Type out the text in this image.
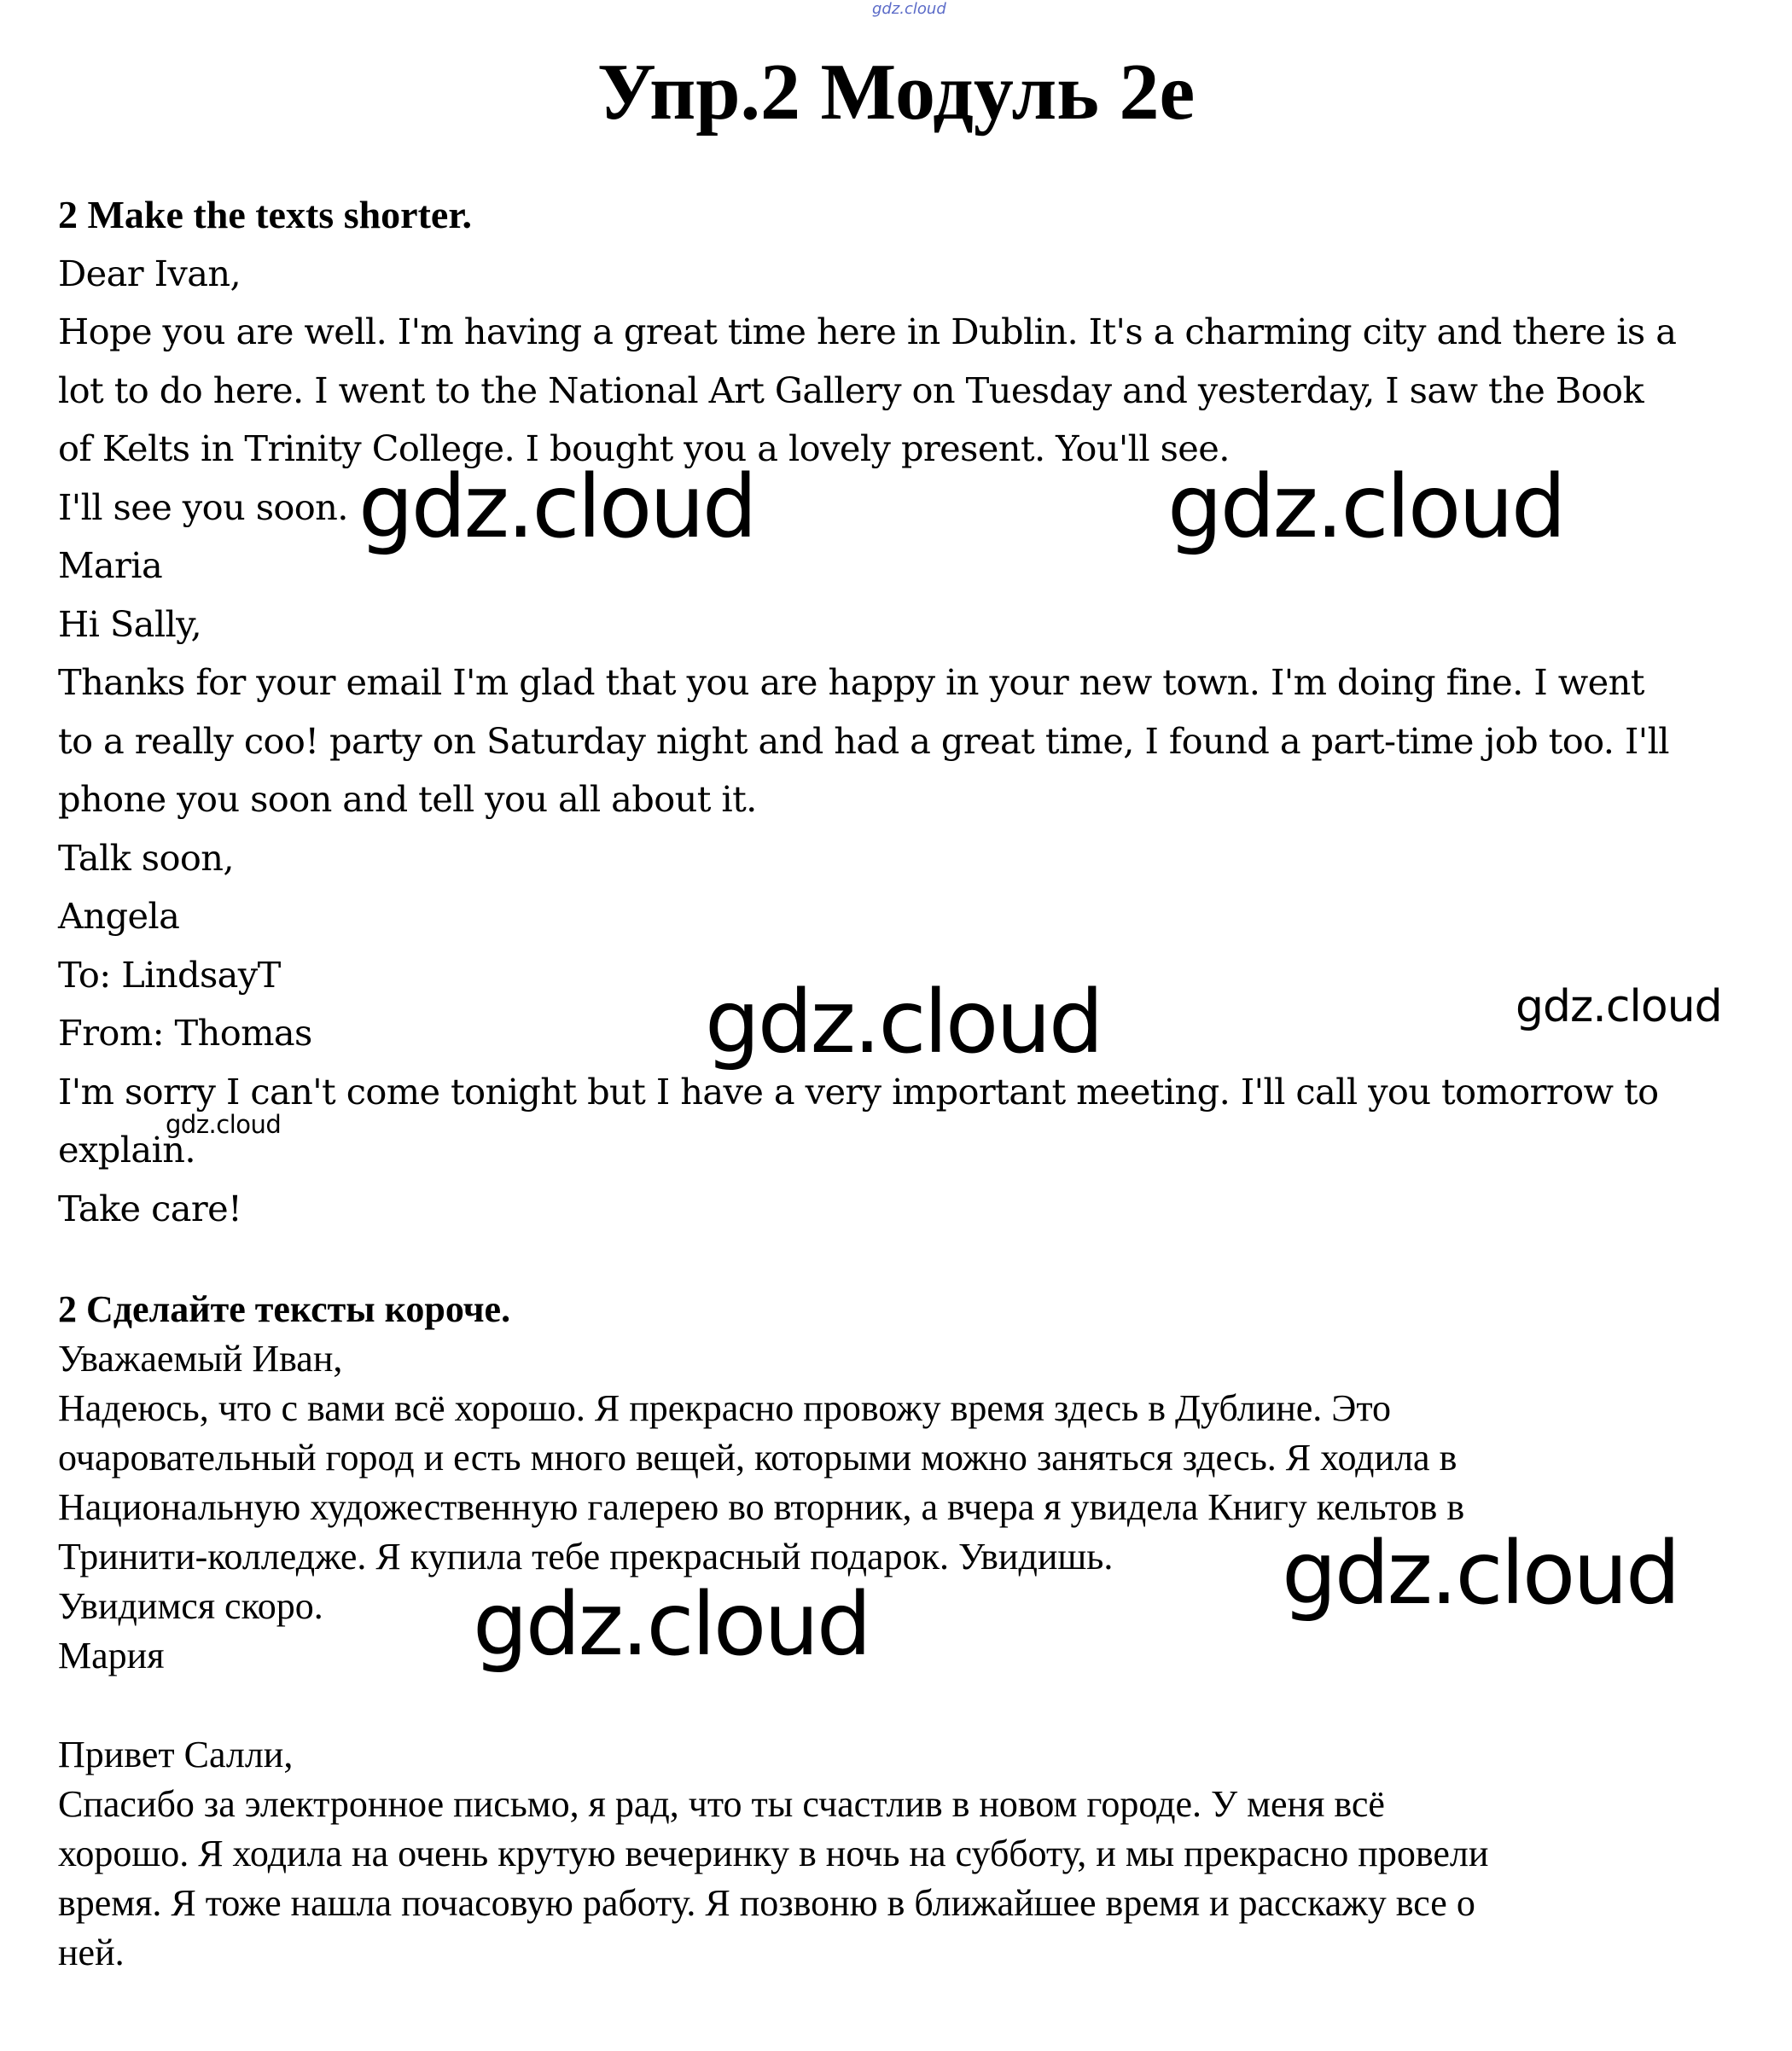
gdz.cloud
Упр.2 Модуль 2e
2 Make the texts shorter.
Dear Ivan,
Hope you are well. I'm having a great time here in Dublin. It's a charming city and there is a
lot to do here. I went to the National Art Gallery on Tuesday and yesterday, I saw the Book
of Kelts in Trinity College. I bought you a lovely present. You'll see.
I'll see you soon.
Maria
Hi Sally,
Thanks for your email I'm glad that you are happy in your new town. I'm doing fine. I went
to a really coo! party on Saturday night and had a great time, I found a part-time job too. I'll
phone you soon and tell you all about it.
Talk soon,
Angela
To: LindsayT
From: Thomas
I'm sorry I can't come tonight but I have a very important meeting. I'll call you tomorrow to
explain.
Take care!
2 Сделайте тексты короче.
Уважаемый Иван,
Надеюсь, что с вами всё хорошо. Я прекрасно провожу время здесь в Дублине. Это
очаровательный город и есть много вещей, которыми можно заняться здесь. Я ходила в
Национальную художественную галерею во вторник, а вчера я увидела Книгу кельтов в
Тринити-колледже. Я купила тебе прекрасный подарок. Увидишь.
Увидимся скоро.
Мария
Привет Салли,
Спасибо за электронное письмо, я рад, что ты счастлив в новом городе. У меня всё
хорошо. Я ходила на очень крутую вечеринку в ночь на субботу, и мы прекрасно провели
время. Я тоже нашла почасовую работу. Я позвоню в ближайшее время и расскажу все о
ней.
gdz.cloud	gdz.cloud
gdz.cloud	gdz.cloud
gdz.cloud
gdz.cloud
gdz.cloud
